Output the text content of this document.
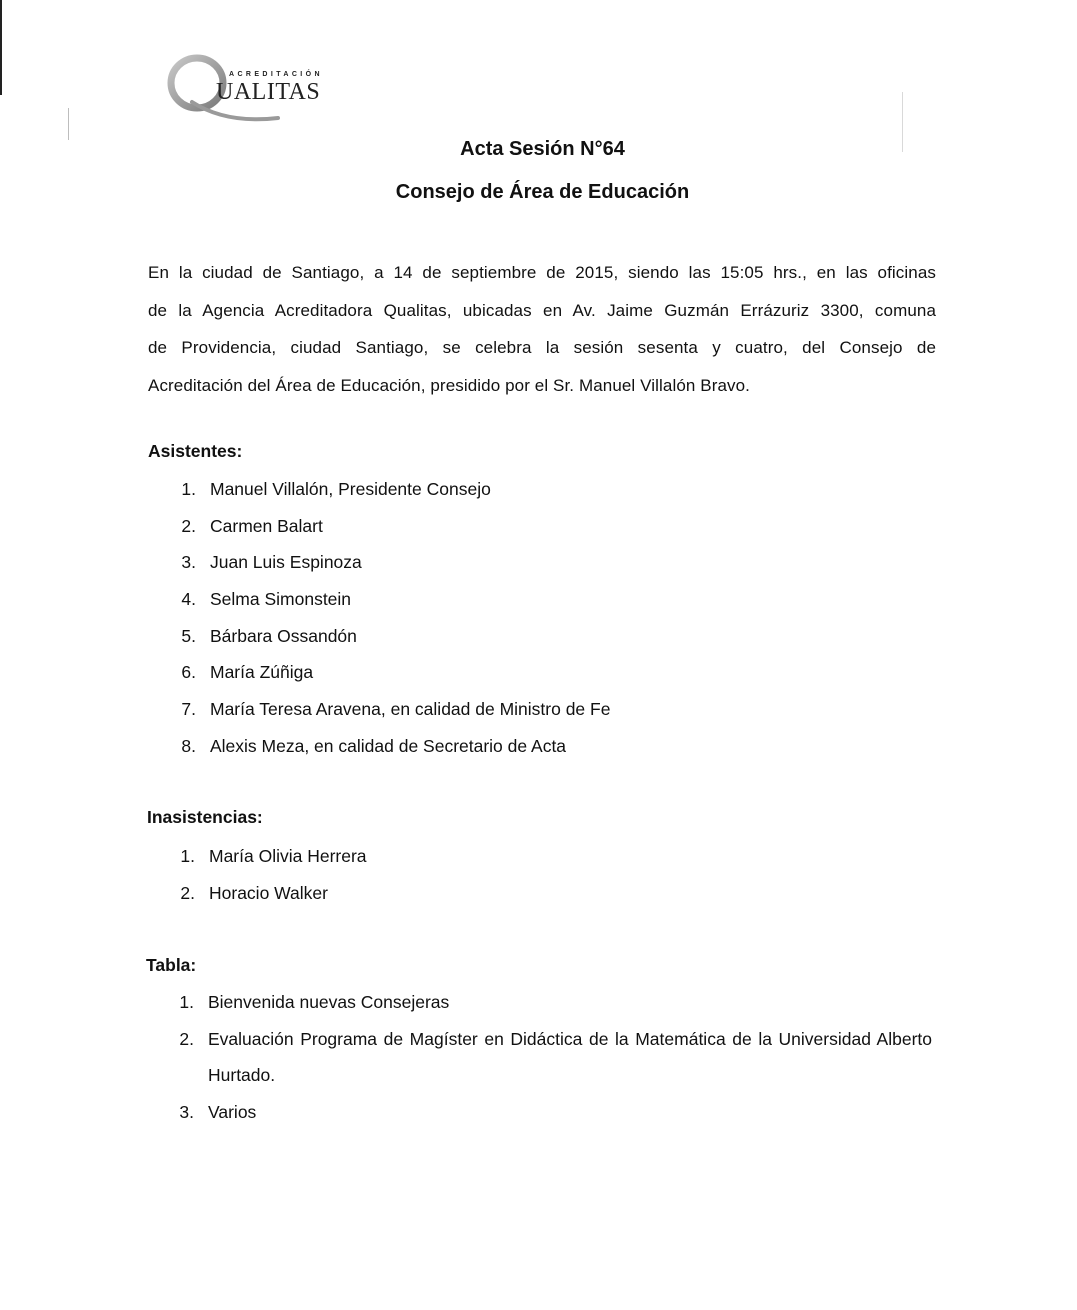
ACREDITACIÓN
UALITAS
Acta Sesión N°64
Consejo de Área de Educación
En la ciudad de Santiago, a 14 de septiembre de 2015, siendo las 15:05 hrs., en las oficinas
de la Agencia Acreditadora Qualitas, ubicadas en Av. Jaime Guzmán Errázuriz 3300, comuna
de Providencia, ciudad Santiago, se celebra la sesión sesenta y cuatro, del Consejo de
Acreditación del Área de Educación, presidido por el Sr. Manuel Villalón Bravo.
Asistentes:
1. Manuel Villalón, Presidente Consejo
2. Carmen Balart
3. Juan Luis Espinoza
4. Selma Simonstein
5. Bárbara Ossandón
6. María Zúñiga
7. María Teresa Aravena, en calidad de Ministro de Fe
8. Alexis Meza, en calidad de Secretario de Acta
Inasistencias:
1. María Olivia Herrera
2. Horacio Walker
Tabla:
1. Bienvenida nuevas Consejeras
2. Evaluación Programa de Magíster en Didáctica de la Matemática de la Universidad Alberto Hurtado.
3. Varios
